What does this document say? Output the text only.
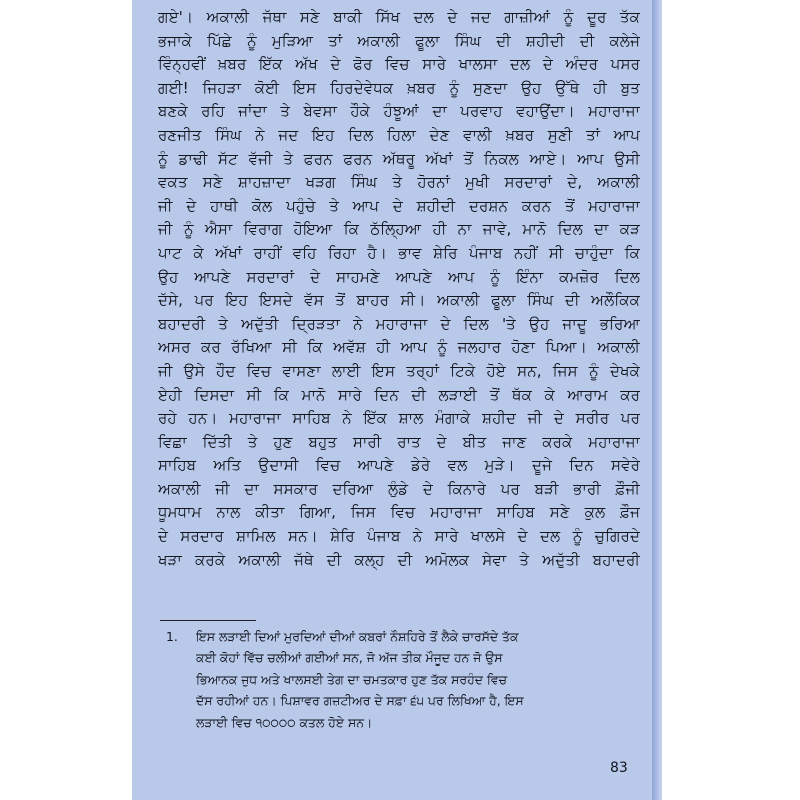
ਗਏ'। ਅਕਾਲੀ ਜੱਥਾ ਸਣੇ ਬਾਕੀ ਸਿੱਖ ਦਲ ਦੇ ਜਦ ਗਾਜ਼ੀਆਂ ਨੂੰ ਦੂਰ ਤੱਕ
ਭਜਾਕੇ ਪਿੱਛੇ ਨੂੰ ਮੁੜਿਆ ਤਾਂ ਅਕਾਲੀ ਫੂਲਾ ਸਿੰਘ ਦੀ ਸ਼ਹੀਦੀ ਦੀ ਕਲੇਜੇ
ਵਿੰਨ੍ਹਵੀਂ ਖ਼ਬਰ ਇੱਕ ਅੱਖ ਦੇ ਫੋਰ ਵਿਚ ਸਾਰੇ ਖਾਲਸਾ ਦਲ ਦੇ ਅੰਦਰ ਪਸਰ
ਗਈ! ਜਿਹੜਾ ਕੋਈ ਇਸ ਹਿਰਦੇਵੇਧਕ ਖ਼ਬਰ ਨੂੰ ਸੁਣਦਾ ਉਹ ਉੱਥੇ ਹੀ ਬੁਤ
ਬਣਕੇ ਰਹਿ ਜਾਂਦਾ ਤੇ ਬੇਵਸਾ ਹੌਕੇ ਹੰਝੂਆਂ ਦਾ ਪਰਵਾਹ ਵਹਾਉਂਦਾ। ਮਹਾਰਾਜਾ
ਰਣਜੀਤ ਸਿੰਘ ਨੇ ਜਦ ਇਹ ਦਿਲ ਹਿਲਾ ਦੇਣ ਵਾਲੀ ਖ਼ਬਰ ਸੁਣੀ ਤਾਂ ਆਪ
ਨੂੰ ਡਾਢੀ ਸੱਟ ਵੱਜੀ ਤੇ ਫਰਨ ਫਰਨ ਅੱਥਰੂ ਅੱਖਾਂ ਤੋਂ ਨਿਕਲ ਆਏ। ਆਪ ਉਸੀ
ਵਕਤ ਸਣੇ ਸ਼ਾਹਜ਼ਾਦਾ ਖੜਗ ਸਿੰਘ ਤੇ ਹੋਰਨਾਂ ਮੁਖੀ ਸਰਦਾਰਾਂ ਦੇ, ਅਕਾਲੀ
ਜੀ ਦੇ ਹਾਥੀ ਕੋਲ ਪਹੁੰਚੇ ਤੇ ਆਪ ਦੇ ਸ਼ਹੀਦੀ ਦਰਸ਼ਨ ਕਰਨ ਤੋਂ ਮਹਾਰਾਜਾ
ਜੀ ਨੂੰ ਐਸਾ ਵਿਰਾਗ ਹੋਇਆ ਕਿ ਠੱਲ੍ਹਿਆ ਹੀ ਨਾ ਜਾਵੇ, ਮਾਨੋ ਦਿਲ ਦਾ ਕੜ
ਪਾਟ ਕੇ ਅੱਖਾਂ ਰਾਹੀਂ ਵਹਿ ਰਿਹਾ ਹੈ। ਭਾਵ ਸ਼ੇਰਿ ਪੰਜਾਬ ਨਹੀਂ ਸੀ ਚਾਹੁੰਦਾ ਕਿ
ਉਹ ਆਪਣੇ ਸਰਦਾਰਾਂ ਦੇ ਸਾਹਮਣੇ ਆਪਣੇ ਆਪ ਨੂੰ ਇੰਨਾ ਕਮਜ਼ੋਰ ਦਿਲ
ਦੱਸੇ, ਪਰ ਇਹ ਇਸਦੇ ਵੱਸ ਤੋਂ ਬਾਹਰ ਸੀ। ਅਕਾਲੀ ਫੂਲਾ ਸਿੰਘ ਦੀ ਅਲੌਕਿਕ
ਬਹਾਦਰੀ ਤੇ ਅਦੁੱਤੀ ਦ੍ਰਿੜਤਾ ਨੇ ਮਹਾਰਾਜਾ ਦੇ ਦਿਲ 'ਤੇ ਉਹ ਜਾਦੂ ਭਰਿਆ
ਅਸਰ ਕਰ ਰੱਖਿਆ ਸੀ ਕਿ ਅਵੱਸ਼ ਹੀ ਆਪ ਨੂੰ ਜਲਹਾਰ ਹੋਣਾ ਪਿਆ। ਅਕਾਲੀ
ਜੀ ਉਸੇ ਹੌਦ ਵਿਚ ਵਾਸਣਾ ਲਾਈ ਇਸ ਤਰ੍ਹਾਂ ਟਿਕੇ ਹੋਏ ਸਨ, ਜਿਸ ਨੂੰ ਦੇਖਕੇ
ਏਹੀ ਦਿਸਦਾ ਸੀ ਕਿ ਮਾਨੋ ਸਾਰੇ ਦਿਨ ਦੀ ਲੜਾਈ ਤੋਂ ਥੱਕ ਕੇ ਆਰਾਮ ਕਰ
ਰਹੇ ਹਨ। ਮਹਾਰਾਜਾ ਸਾਹਿਬ ਨੇ ਇੱਕ ਸ਼ਾਲ ਮੰਗਾਕੇ ਸ਼ਹੀਦ ਜੀ ਦੇ ਸਰੀਰ ਪਰ
ਵਿਛਾ ਦਿੱਤੀ ਤੇ ਹੁਣ ਬਹੁਤ ਸਾਰੀ ਰਾਤ ਦੇ ਬੀਤ ਜਾਣ ਕਰਕੇ ਮਹਾਰਾਜਾ
ਸਾਹਿਬ ਅਤਿ ਉਦਾਸੀ ਵਿਚ ਆਪਣੇ ਡੇਰੇ ਵਲ ਮੁੜੇ। ਦੂਜੇ ਦਿਨ ਸਵੇਰੇ
ਅਕਾਲੀ ਜੀ ਦਾ ਸਸਕਾਰ ਦਰਿਆ ਲੁੰਡੇ ਦੇ ਕਿਨਾਰੇ ਪਰ ਬੜੀ ਭਾਰੀ ਫ਼ੌਜੀ
ਧੂਮਧਾਮ ਨਾਲ ਕੀਤਾ ਗਿਆ, ਜਿਸ ਵਿਚ ਮਹਾਰਾਜਾ ਸਾਹਿਬ ਸਣੇ ਕੁਲ ਫ਼ੌਜ
ਦੇ ਸਰਦਾਰ ਸ਼ਾਮਿਲ ਸਨ। ਸ਼ੇਰਿ ਪੰਜਾਬ ਨੇ ਸਾਰੇ ਖਾਲਸੇ ਦੇ ਦਲ ਨੂੰ ਚੁਗਿਰਦੇ
ਖੜਾ ਕਰਕੇ ਅਕਾਲੀ ਜੱਥੇ ਦੀ ਕਲ੍ਹ ਦੀ ਅਮੋਲਕ ਸੇਵਾ ਤੇ ਅਦੁੱਤੀ ਬਹਾਦਰੀ
1. ਇਸ ਲੜਾਈ ਦਿਆਂ ਮੁਰਦਿਆਂ ਦੀਆਂ ਕਬਰਾਂ ਨੌਸ਼ਹਿਰੇ ਤੋਂ ਲੈਕੇ ਚਾਰਸੱਦੇ ਤੱਕ
ਕਈ ਕੋਹਾਂ ਵਿੱਚ ਚਲੀਆਂ ਗਈਆਂ ਸਨ, ਜੋ ਅੱਜ ਤੀਕ ਮੌਜੂਦ ਹਨ ਜੋ ਉਸ
ਭਿਆਨਕ ਜੁਧ ਅਤੇ ਖਾਲਸਈ ਤੇਗ ਦਾ ਚਮਤਕਾਰ ਹੁਣ ਤੱਕ ਸਰਹੰਦ ਵਿਚ
ਦੱਸ ਰਹੀਆਂ ਹਨ। ਪਿਸ਼ਾਵਰ ਗਜ਼ਟੀਅਰ ਦੇ ਸਫ਼ਾ ੬੫ ਪਰ ਲਿਖਿਆ ਹੈ, ਇਸ
ਲੜਾਈ ਵਿਚ ੧੦੦੦੦ ਕਤਲ ਹੋਏ ਸਨ।
83
